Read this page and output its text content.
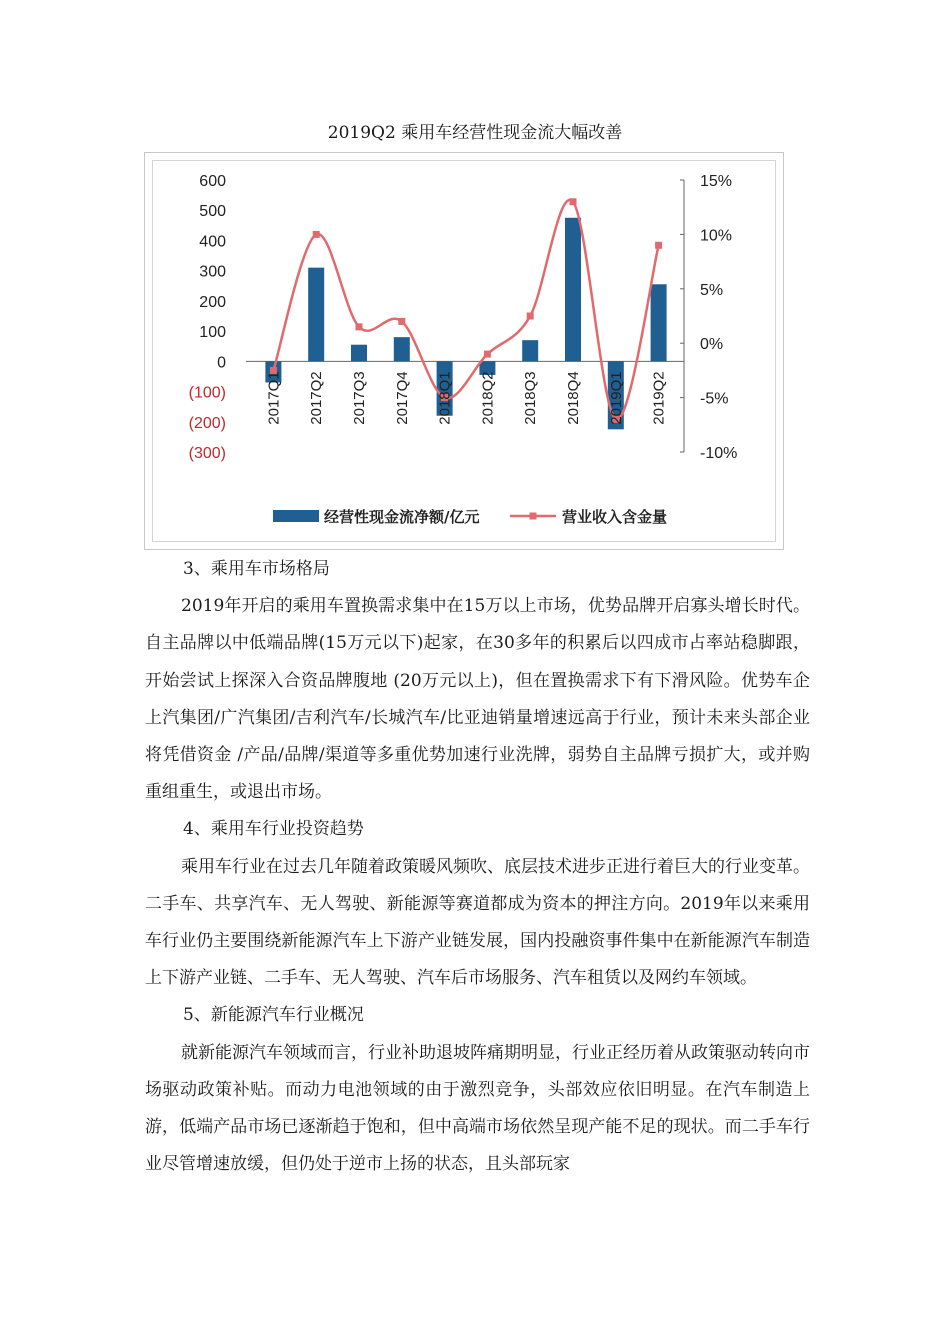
2019Q2 乘用车经营性现金流大幅改善
600
500
400
300
200
100
0
(100)
(200)
(300)
15%
10%
5%
0%
-5%
-10%
2017Q1 2017Q2 2017Q3 2017Q4 2018Q1 2018Q2 2018Q3 2018Q4 2019Q1 2019Q2
经营性现金流净额/亿元	营业收入含金量

3、乘用车市场格局

2019年开启的乘用车置换需求集中在15万以上市场，优势品牌开启寡头增长时代。自主品牌以中低端品牌(15万元以下)起家，在30多年的积累后以四成市占率站稳脚跟，开始尝试上探深入合资品牌腹地 (20万元以上)，但在置换需求下有下滑风险。优势车企上汽集团/广汽集团/吉利汽车/长城汽车/比亚迪销量增速远高于行业，预计未来头部企业将凭借资金 /产品/品牌/渠道等多重优势加速行业洗牌，弱势自主品牌亏损扩大，或并购重组重生，或退出市场。

4、乘用车行业投资趋势

乘用车行业在过去几年随着政策暖风频吹、底层技术进步正进行着巨大的行业变革。二手车、共享汽车、无人驾驶、新能源等赛道都成为资本的押注方向。2019年以来乘用车行业仍主要围绕新能源汽车上下游产业链发展，国内投融资事件集中在新能源汽车制造上下游产业链、二手车、无人驾驶、汽车后市场服务、汽车租赁以及网约车领域。

5、新能源汽车行业概况

就新能源汽车领域而言，行业补助退坡阵痛期明显，行业正经历着从政策驱动转向市场驱动政策补贴。而动力电池领域的由于激烈竞争，头部效应依旧明显。在汽车制造上游，低端产品市场已逐渐趋于饱和，但中高端市场依然呈现产能不足的现状。而二手车行业尽管增速放缓，但仍处于逆市上扬的状态，且头部玩家
